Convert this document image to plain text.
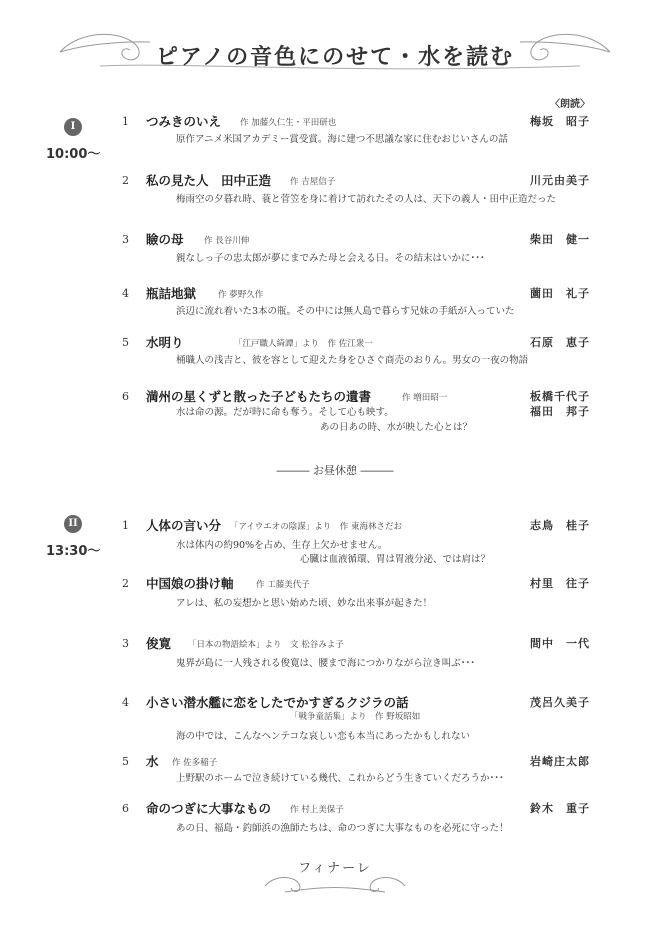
ピアノの音色にのせて・水を読む
〈朗読〉
I
10:00〜
1 つみきのいえ 作 加藤久仁生・平田研也
原作アニメ米国アカデミー賞受賞。海に建つ不思議な家に住むおじいさんの話
梅坂　昭子
2 私の見た人　田中正造 作 吉屋信子
梅雨空の夕暮れ時、蓑と菅笠を身に着けて訪れたその人は、天下の義人・田中正造だった
川元由美子
3 瞼の母 作 長谷川伸
親なしっ子の忠太郎が夢にまでみた母と会える日。その結末はいかに･･･
柴田　健一
4 瓶詰地獄	作 夢野久作
浜辺に流れ着いた3本の瓶。その中には無人島で暮らす兄妹の手紙が入っていた
薗田　礼子
5 水明り	「江戸職人綺譚」より　作 佐江衆一
桶職人の浅吉と、彼を容として迎えた身をひさぐ商売のおりん。男女の一夜の物語
石原　恵子
6 満州の星くずと散った子どもたちの遺書	作 増田昭一
水は命の源。だが時に命も奪う。そして心も映す。
あの日あの時、水が映した心とは？
板橋千代子
福田　邦子
――― お昼休憩 ―――
II
13:30〜
1 人体の言い分 「アイウエオの陰謀」より　作 東海林さだお
水は体内の約90%を占め、生存上欠かせません。
心臓は血液循環、胃は胃液分泌、では肩は？
志鳥　桂子
2 中国娘の掛け軸	作 工藤美代子
アレは、私の妄想かと思い始めた頃、妙な出来事が起きた！
村里　往子
3 俊寛 「日本の物語絵本」より　文 松谷みよ子
鬼界が島に一人残される俊寛は、腰まで海につかりながら泣き叫ぶ･･･
間中　一代
4 小さい潜水艦に恋をしたでかすぎるクジラの話
「戦争童話集」より　作 野坂昭如
海の中では、こんなヘンテコな哀しい恋も本当にあったかもしれない
茂呂久美子
5 水 作 佐多稲子
上野駅のホームで泣き続けている幾代、これからどう生きていくだろうか･･･
岩崎庄太郎
6 命のつぎに大事なもの 作 村上美保子
あの日、福島・釣師浜の漁師たちは、命のつぎに大事なものを必死に守った！
鈴木　重子
フィナーレ
